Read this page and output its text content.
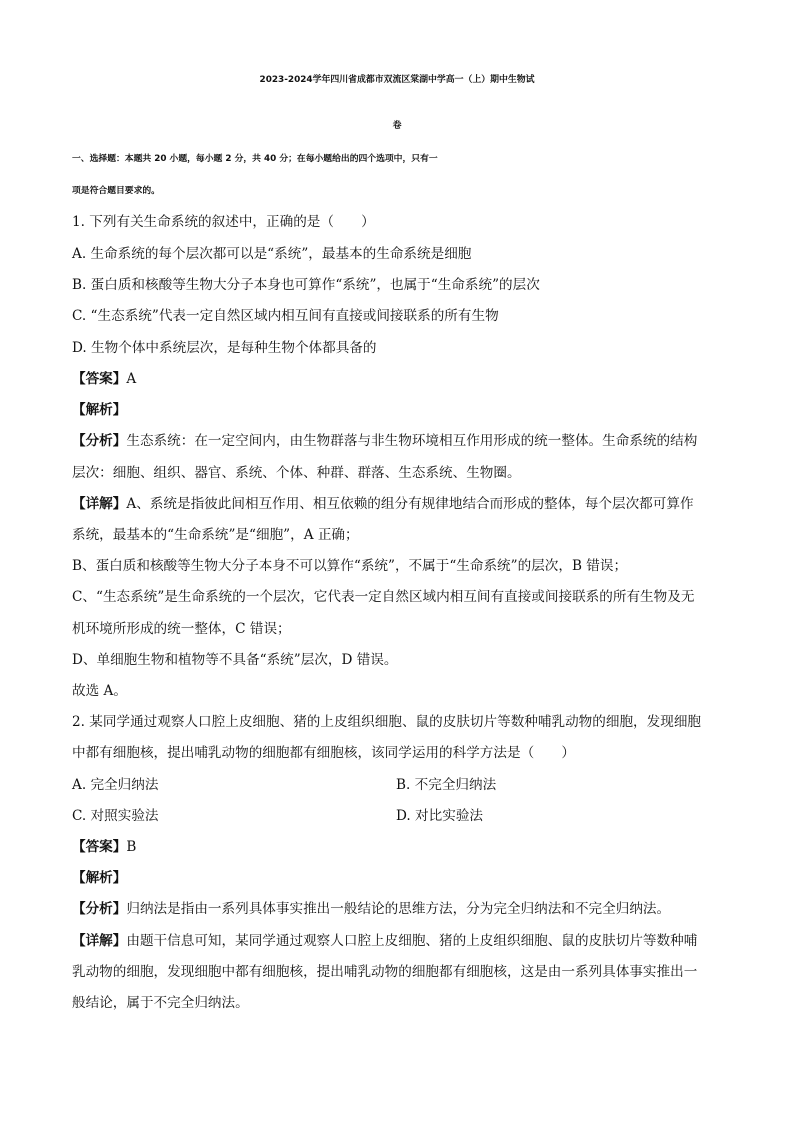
2023-2024学年四川省成都市双流区棠湖中学高一（上）期中生物试
卷
一、选择题：本题共 20 小题，每小题 2 分，共 40 分；在每小题给出的四个选项中，只有一
项是符合题目要求的。
1. 下列有关生命系统的叙述中，正确的是（　　）
A. 生命系统的每个层次都可以是“系统”，最基本的生命系统是细胞
B. 蛋白质和核酸等生物大分子本身也可算作“系统”，也属于“生命系统”的层次
C. “生态系统”代表一定自然区域内相互间有直接或间接联系的所有生物
D. 生物个体中系统层次，是每种生物个体都具备的
【答案】A
【解析】
【分析】生态系统：在一定空间内，由生物群落与非生物环境相互作用形成的统一整体。生命系统的结构
层次：细胞、组织、器官、系统、个体、种群、群落、生态系统、生物圈。
【详解】A、系统是指彼此间相互作用、相互依赖的组分有规律地结合而形成的整体，每个层次都可算作
系统，最基本的“生命系统”是“细胞”，A 正确；
B、蛋白质和核酸等生物大分子本身不可以算作“系统”，不属于“生命系统”的层次，B 错误；
C、“生态系统”是生命系统的一个层次，它代表一定自然区域内相互间有直接或间接联系的所有生物及无
机环境所形成的统一整体，C 错误；
D、单细胞生物和植物等不具备“系统”层次，D 错误。
故选 A。
2. 某同学通过观察人口腔上皮细胞、猪的上皮组织细胞、鼠的皮肤切片等数种哺乳动物的细胞，发现细胞
中都有细胞核，提出哺乳动物的细胞都有细胞核，该同学运用的科学方法是（　　）
A. 完全归纳法	B. 不完全归纳法
C. 对照实验法	D. 对比实验法
【答案】B
【解析】
【分析】归纳法是指由一系列具体事实推出一般结论的思维方法，分为完全归纳法和不完全归纳法。
【详解】由题干信息可知，某同学通过观察人口腔上皮细胞、猪的上皮组织细胞、鼠的皮肤切片等数种哺
乳动物的细胞，发现细胞中都有细胞核，提出哺乳动物的细胞都有细胞核，这是由一系列具体事实推出一
般结论，属于不完全归纳法。
